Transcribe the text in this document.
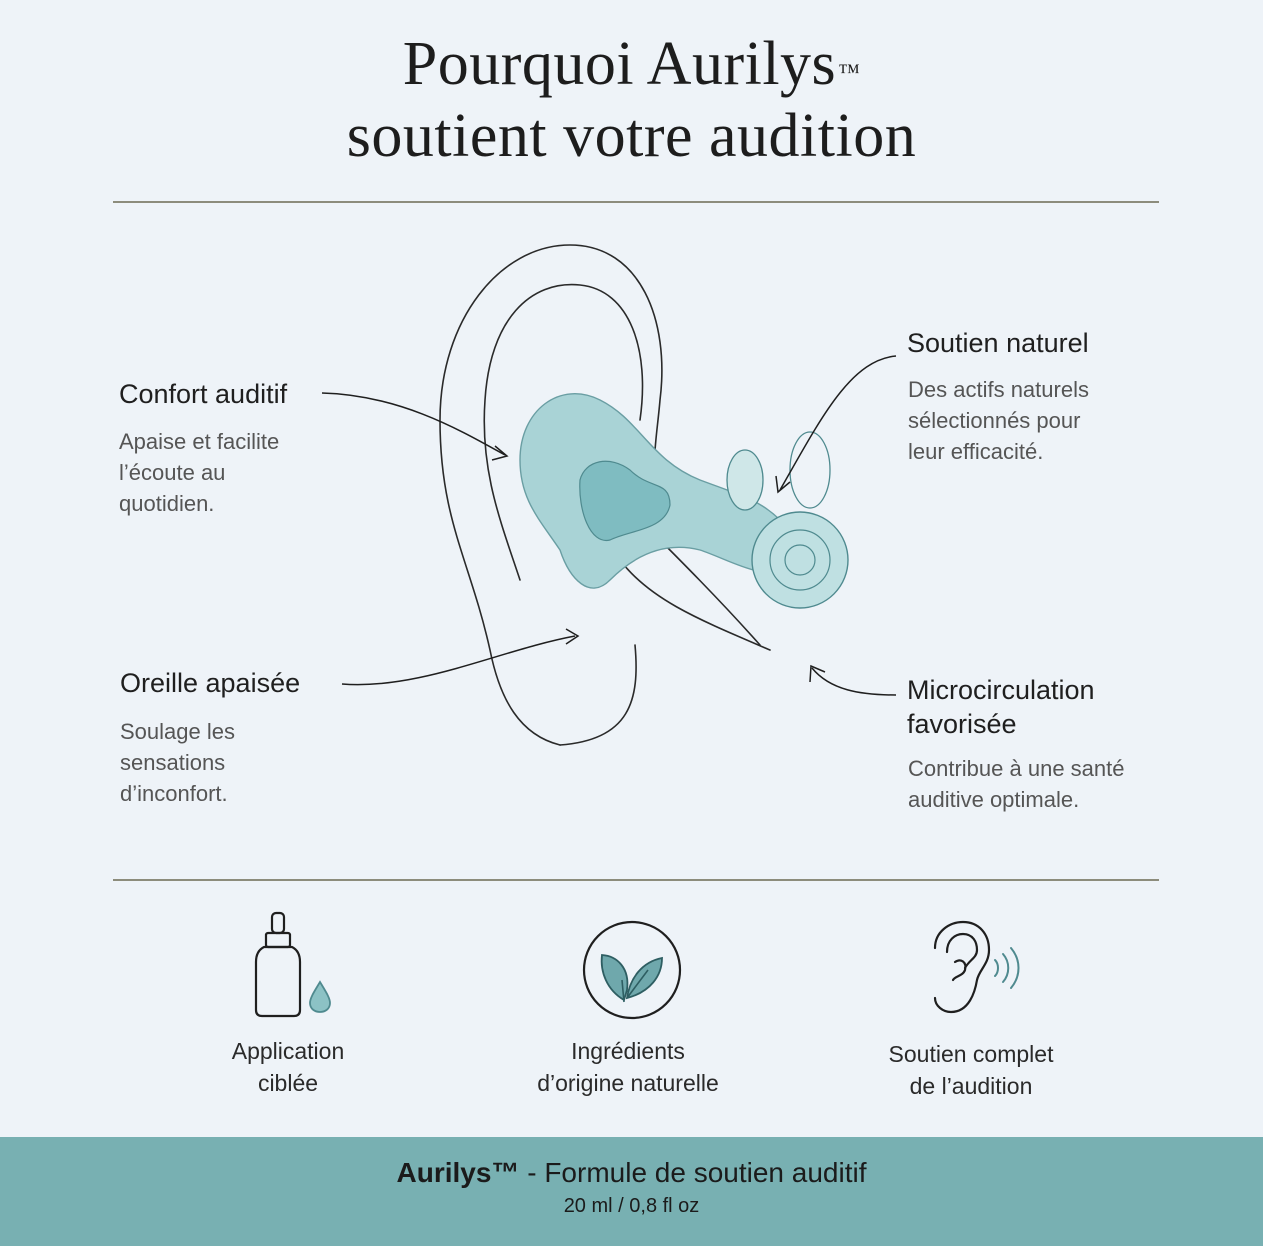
Pourquoi Aurilys™
soutient votre audition
Confort auditif
Apaise et facilite
l’écoute au
quotidien.
Oreille apaisée
Soulage les
sensations
d’inconfort.
Soutien naturel
Des actifs naturels
sélectionnés pour
leur efficacité.
Microcirculation
favorisée
Contribue à une santé
auditive optimale.
Application
ciblée
Ingrédients
d’origine naturelle
Soutien complet
de l’audition
Aurilys™ - Formule de soutien auditif
20 ml / 0,8 fl oz
